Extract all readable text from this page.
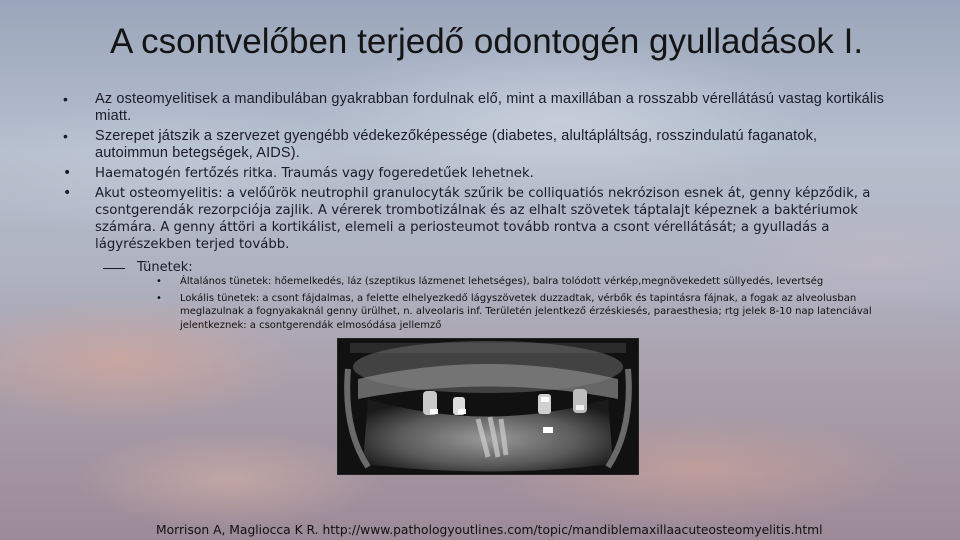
A csontvelőben terjedő odontogén gyulladások I.
• Az osteomyelitisek a mandibulában gyakrabban fordulnak elő, mint a maxillában a rosszabb vérellátású vastag kortikális miatt.
• Szerepet játszik a szervezet gyengébb védekezőképessége (diabetes, alultápláltság, rosszindulatú faganatok, autoimmun betegségek, AIDS).
• Haematogén fertőzés ritka. Traumás vagy fogeredetűek lehetnek.
• Akut osteomyelitis: a velőűrök neutrophil granulocyták szűrik be colliquatiós nekrózison esnek át, genny képződik, a csontgerendák rezorpciója zajlik. A vérerek trombotizálnak és az elhalt szövetek táptalajt képeznek a baktériumok számára. A genny áttöri a kortikálist, elemeli a periosteumot tovább rontva a csont vérellátását; a gyulladás a lágyrészekben terjed tovább.
Tünetek:
• Általános tünetek: hőemelkedés, láz (szeptikus lázmenet lehetséges), balra tolódott vérkép,megnövekedett süllyedés, levertség
• Lokális tünetek: a csont fájdalmas, a felette elhelyezkedő lágyszövetek duzzadtak, vérbők és tapintásra fájnak, a fogak az alveolusban meglazulnak a fognyakaknál genny ürülhet, n. alveolaris inf. Területén jelentkező érzéskiesés, paraesthesia; rtg jelek 8-10 nap latenciával jelentkeznek: a csontgerendák elmosódása jellemző
Morrison A, Magliocca K R. http://www.pathologyoutlines.com/topic/mandiblemaxillaacuteosteomyelitis.html
